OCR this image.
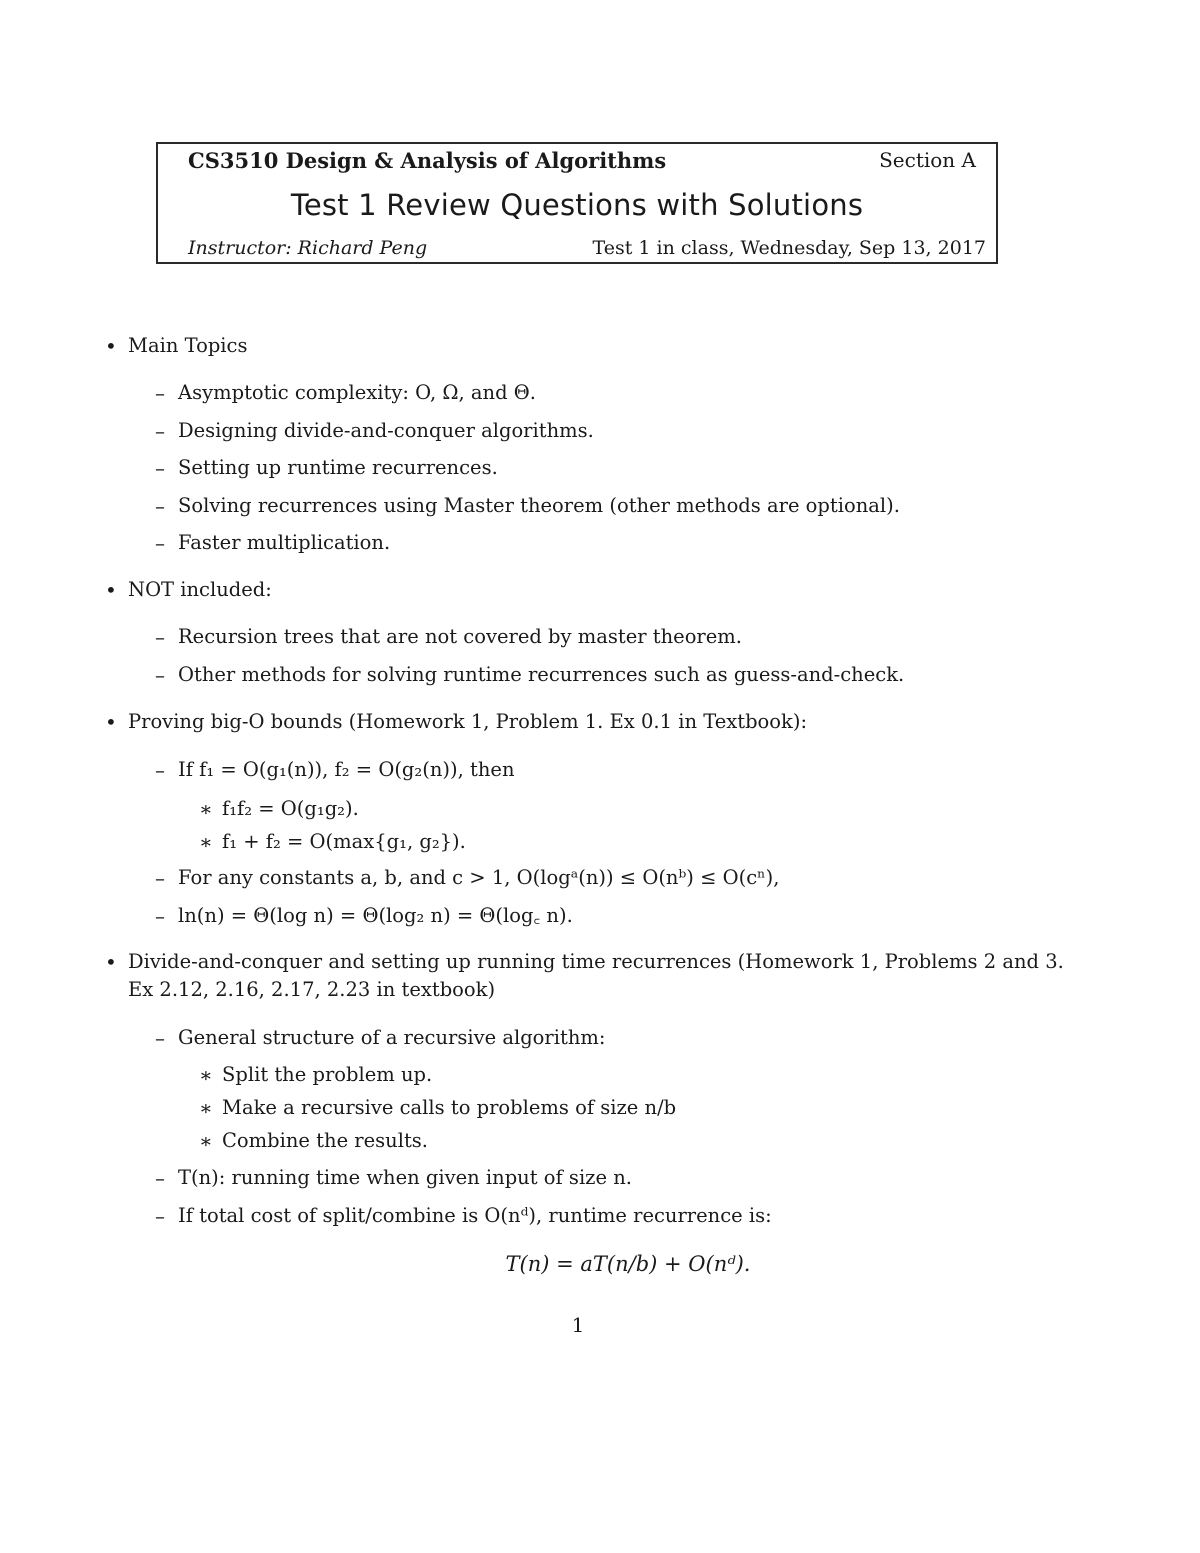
CS3510 Design & Analysis of Algorithms	Section A
Test 1 Review Questions with Solutions
Instructor: Richard Peng	Test 1 in class, Wednesday, Sep 13, 2017
• Main Topics
– Asymptotic complexity: O, Ω, and Θ.
– Designing divide-and-conquer algorithms.
– Setting up runtime recurrences.
– Solving recurrences using Master theorem (other methods are optional).
– Faster multiplication.
• NOT included:
– Recursion trees that are not covered by master theorem.
– Other methods for solving runtime recurrences such as guess-and-check.
• Proving big-O bounds (Homework 1, Problem 1. Ex 0.1 in Textbook):
– If f₁ = O(g₁(n)), f₂ = O(g₂(n)), then
∗ f₁f₂ = O(g₁g₂).
∗ f₁ + f₂ = O(max{g₁, g₂}).
– For any constants a, b, and c > 1, O(logᵃ(n)) ≤ O(nᵇ) ≤ O(cⁿ),
– ln(n) = Θ(log n) = Θ(log₂ n) = Θ(log꜀ n).
• Divide-and-conquer and setting up running time recurrences (Homework 1, Problems 2 and 3.
Ex 2.12, 2.16, 2.17, 2.23 in textbook)
– General structure of a recursive algorithm:
∗ Split the problem up.
∗ Make a recursive calls to problems of size n/b
∗ Combine the results.
– T(n): running time when given input of size n.
– If total cost of split/combine is O(nᵈ), runtime recurrence is:
T(n) = aT(n/b) + O(nᵈ).
1
